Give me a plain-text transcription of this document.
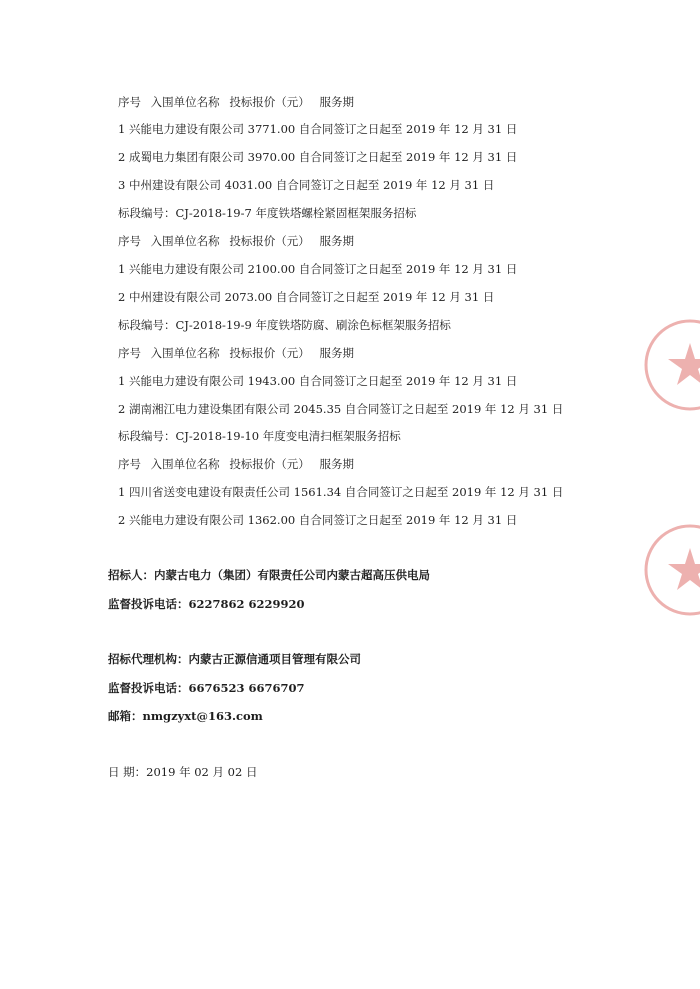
序号 入围单位名称 投标报价（元） 服务期
1 兴能电力建设有限公司 3771.00 自合同签订之日起至 2019 年 12 月 31 日
2 成蜀电力集团有限公司 3970.00 自合同签订之日起至 2019 年 12 月 31 日
3 中州建设有限公司 4031.00 自合同签订之日起至 2019 年 12 月 31 日
标段编号：CJ-2018-19-7 年度铁塔螺栓紧固框架服务招标
序号 入围单位名称 投标报价（元） 服务期
1 兴能电力建设有限公司 2100.00 自合同签订之日起至 2019 年 12 月 31 日
2 中州建设有限公司 2073.00 自合同签订之日起至 2019 年 12 月 31 日
标段编号：CJ-2018-19-9 年度铁塔防腐、刷涂色标框架服务招标
序号 入围单位名称 投标报价（元） 服务期
1 兴能电力建设有限公司 1943.00 自合同签订之日起至 2019 年 12 月 31 日
2 湖南湘江电力建设集团有限公司 2045.35 自合同签订之日起至 2019 年 12 月 31 日
标段编号：CJ-2018-19-10 年度变电清扫框架服务招标
序号 入围单位名称 投标报价（元） 服务期
1 四川省送变电建设有限责任公司 1561.34 自合同签订之日起至 2019 年 12 月 31 日
2 兴能电力建设有限公司 1362.00 自合同签订之日起至 2019 年 12 月 31 日
招标人：内蒙古电力（集团）有限责任公司内蒙古超高压供电局
监督投诉电话：6227862 6229920
招标代理机构：内蒙古正源信通项目管理有限公司
监督投诉电话：6676523 6676707
邮箱：nmgzyxt@163.com
日 期：2019 年 02 月 02 日
